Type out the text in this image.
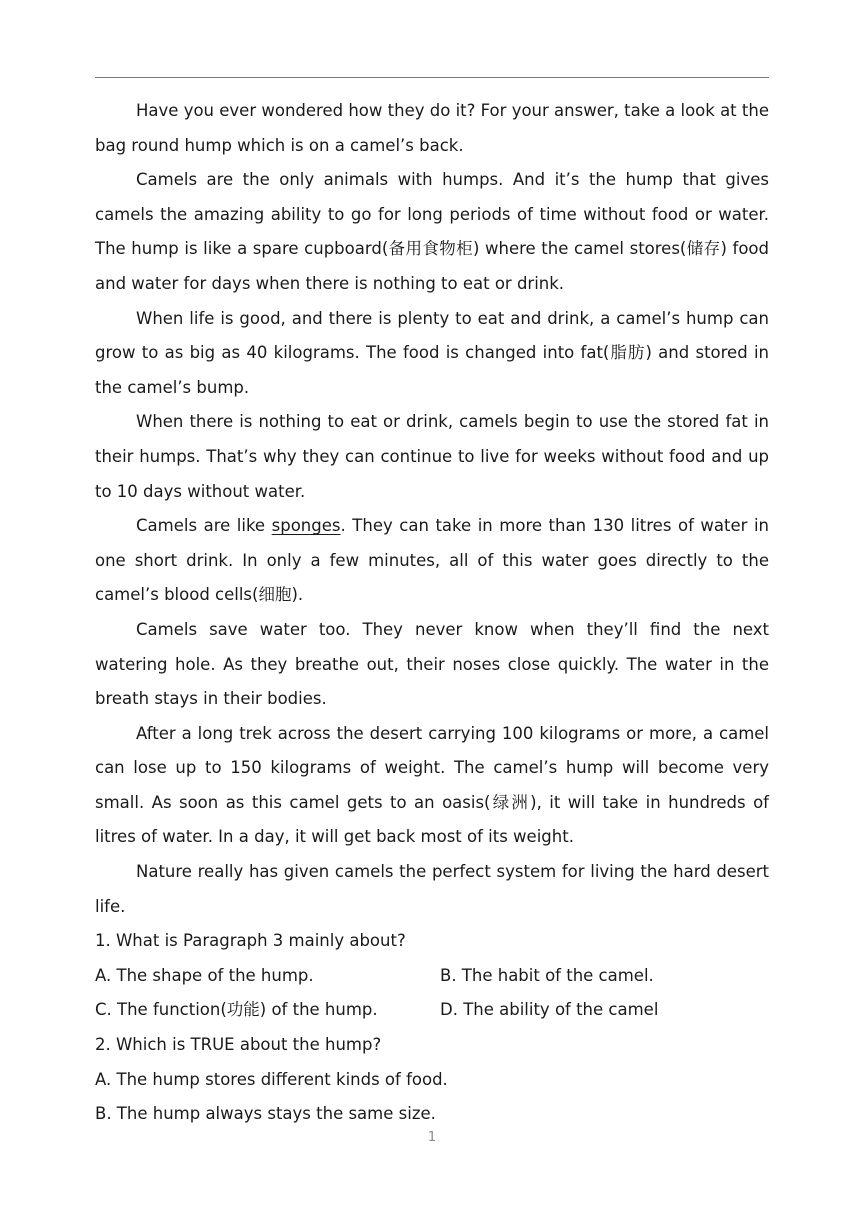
Have you ever wondered how they do it? For your answer, take a look at the bag round hump which is on a camel’s back.

Camels are the only animals with humps. And it’s the hump that gives camels the amazing ability to go for long periods of time without food or water. The hump is like a spare cupboard(备用食物柜) where the camel stores(储存) food and water for days when there is nothing to eat or drink.

When life is good, and there is plenty to eat and drink, a camel’s hump can grow to as big as 40 kilograms. The food is changed into fat(脂肪) and stored in the camel’s bump.

When there is nothing to eat or drink, camels begin to use the stored fat in their humps. That’s why they can continue to live for weeks without food and up to 10 days without water.

Camels are like sponges. They can take in more than 130 litres of water in one short drink. In only a few minutes, all of this water goes directly to the camel’s blood cells(细胞).

Camels save water too. They never know when they’ll find the next watering hole. As they breathe out, their noses close quickly. The water in the breath stays in their bodies.

After a long trek across the desert carrying 100 kilograms or more, a camel can lose up to 150 kilograms of weight. The camel’s hump will become very small. As soon as this camel gets to an oasis(绿洲), it will take in hundreds of litres of water. In a day, it will get back most of its weight.

Nature really has given camels the perfect system for living the hard desert life.

1. What is Paragraph 3 mainly about?

A. The shape of the hump.	B. The habit of the camel.
C. The function(功能) of the hump.	D. The ability of the camel

2. Which is TRUE about the hump?

A. The hump stores different kinds of food.

B. The hump always stays the same size.

1
